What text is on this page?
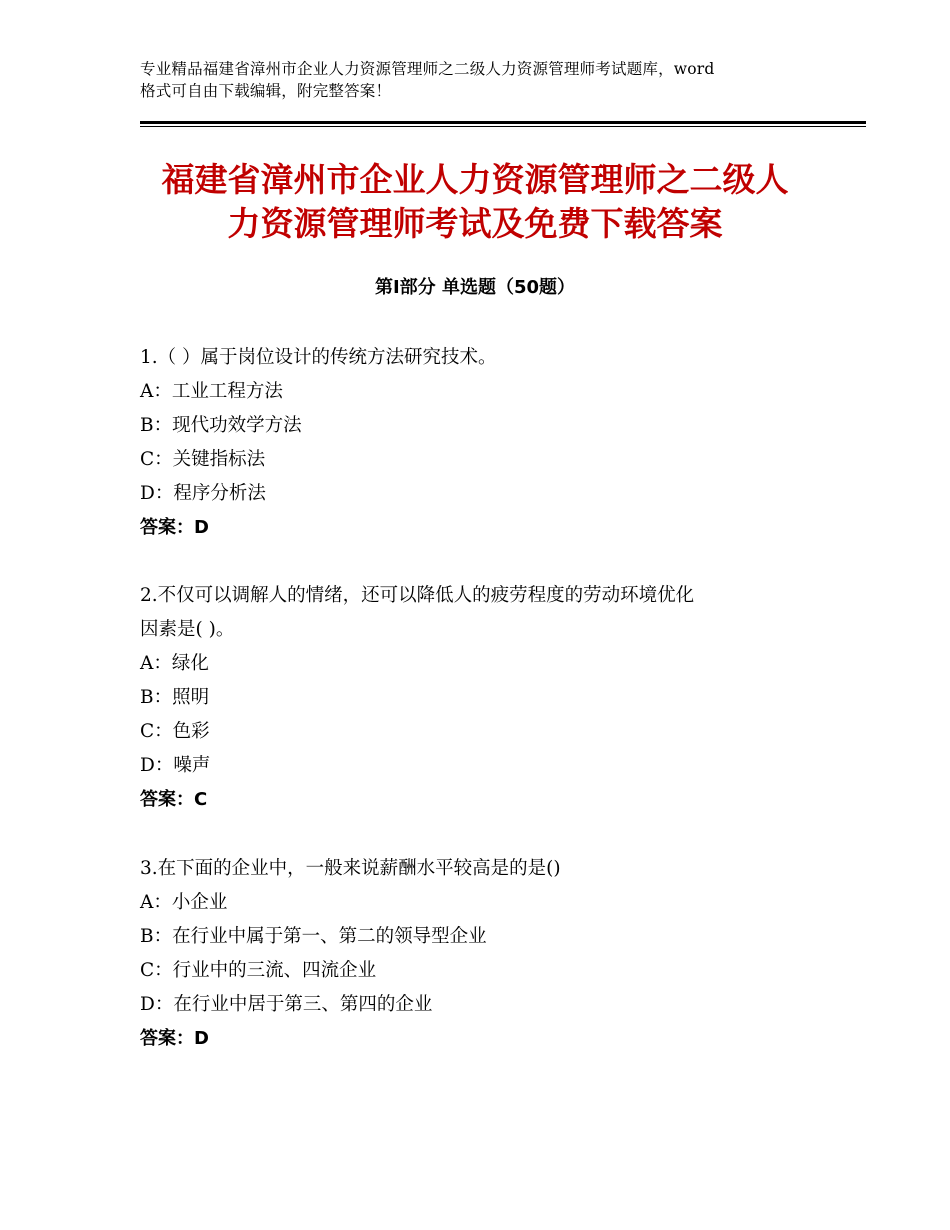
专业精品福建省漳州市企业人力资源管理师之二级人力资源管理师考试题库，word
格式可自由下载编辑，附完整答案！
福建省漳州市企业人力资源管理师之二级人
力资源管理师考试及免费下载答案
第Ⅰ部分 单选题（50题）
1.（ ）属于岗位设计的传统方法研究技术。
A：工业工程方法
B：现代功效学方法
C：关键指标法
D：程序分析法
答案：D
2.不仅可以调解人的情绪，还可以降低人的疲劳程度的劳动环境优化
因素是( )。
A：绿化
B：照明
C：色彩
D：噪声
答案：C
3.在下面的企业中，一般来说薪酬水平较高是的是()
A：小企业
B：在行业中属于第一、第二的领导型企业
C：行业中的三流、四流企业
D：在行业中居于第三、第四的企业
答案：D
